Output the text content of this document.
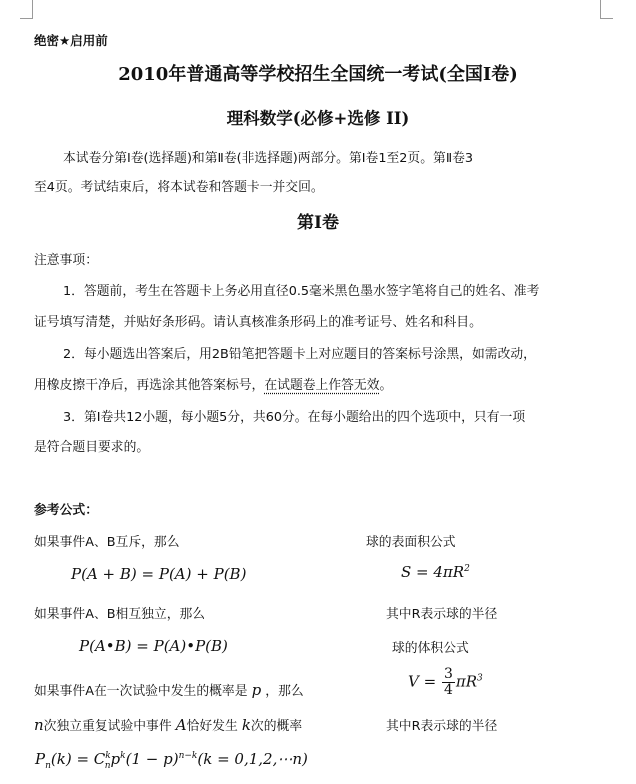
绝密★启用前
2010年普通高等学校招生全国统一考试(全国Ⅰ卷)
理科数学(必修+选修 II)
本试卷分第Ⅰ卷(选择题)和第Ⅱ卷(非选择题)两部分。第Ⅰ卷1至2页。第Ⅱ卷3
至4页。考试结束后，将本试卷和答题卡一并交回。
第Ⅰ卷
注意事项：
1．答题前，考生在答题卡上务必用直径0.5毫米黑色墨水签字笔将自己的姓名、准考
证号填写清楚，并贴好条形码。请认真核准条形码上的准考证号、姓名和科目。
2．每小题选出答案后，用2B铅笔把答题卡上对应题目的答案标号涂黑，如需改动，
用橡皮擦干净后，再选涂其他答案标号，在试题卷上作答无效。
3．第Ⅰ卷共12小题，每小题5分，共60分。在每小题给出的四个选项中，只有一项
是符合题目要求的。
参考公式：
如果事件A、B互斥，那么
P(A + B) = P(A) + P(B)
如果事件A、B相互独立，那么
P(A•B) = P(A)•P(B)
如果事件A在一次试验中发生的概率是 p ，那么
n次独立重复试验中事件 A恰好发生 k次的概率
$P_n(k) = C^k_np^k(1 - p)^{n-k}(k$ = 0,1,2,⋯n)
球的表面积公式
$S = 4\pi R^2$
其中R表示球的半径
球的体积公式
$V = \frac{3}{4} \pi R^3$
其中R表示球的半径
